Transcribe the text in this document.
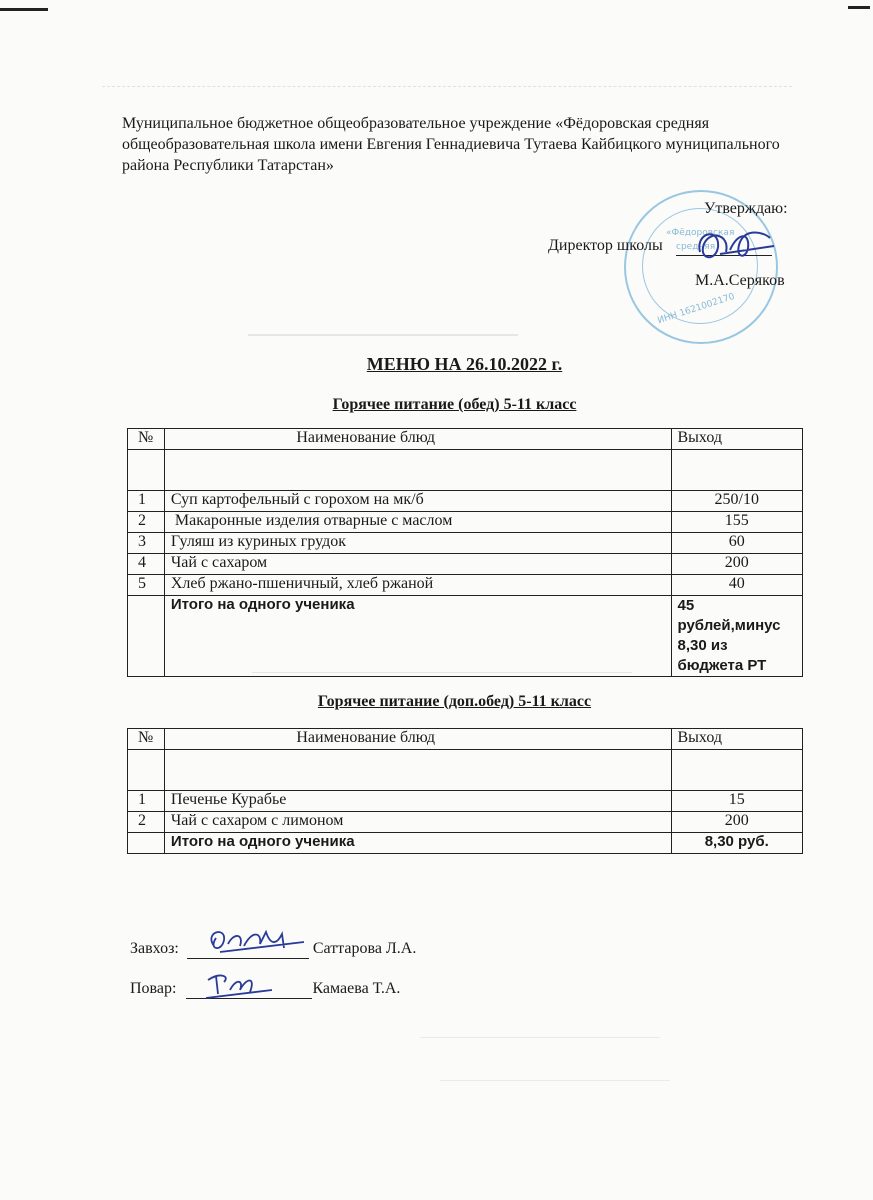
Муниципальное бюджетное общеобразовательное учреждение «Фёдоровская средняя общеобразовательная школа имени Евгения Геннадиевича Тутаева Кайбицкого муниципального района Республики Татарстан»
«Фёдоровская
средняя
ИНН 1621002170
Утверждаю:
Директор школы
М.А.Серяков
МЕНЮ НА 26.10.2022 г.
Горячее питание (обед) 5-11 класс
№	Наименование блюд	Выход

1	Суп картофельный с горохом на мк/б	250/10
2	Макаронные изделия отварные с маслом	155
3	Гуляш из куриных грудок	60
4	Чай с сахаром	200
5	Хлеб ржано-пшеничный, хлеб ржаной	40
	Итого на одного ученика	45 рублей,минус 8,30 из бюджета РТ
Горячее питание (доп.обед) 5-11 класс
№	Наименование блюд	Выход

1	Печенье Курабье	15
2	Чай с сахаром с лимоном	200
	Итого на одного ученика	8,30 руб.
Завхоз:	Саттарова Л.А.
Повар:	Камаева Т.А.
